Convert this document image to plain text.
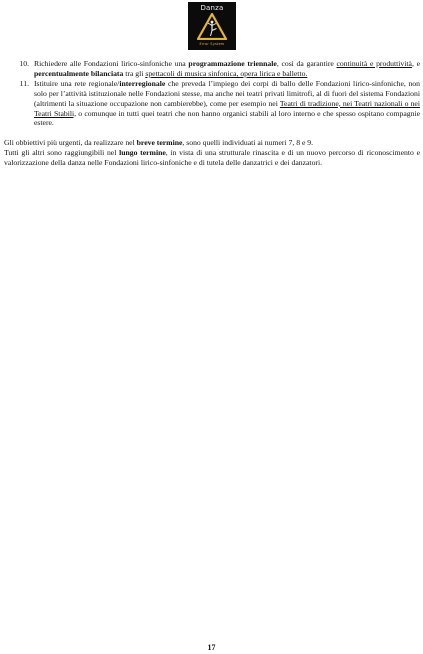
Danza
Error System
10. Richiedere alle Fondazioni lirico-sinfoniche una programmazione triennale, così da garantire continuità e produttività, e percentualmente bilanciata tra gli spettacoli di musica sinfonica, opera lirica e balletto.
11. Istituire una rete regionale/interregionale che preveda l’impiego dei corpi di ballo delle Fondazioni lirico-sinfoniche, non solo per l’attività istituzionale nelle Fondazioni stesse, ma anche nei teatri privati limitrofi, al di fuori del sistema Fondazioni (altrimenti la situazione occupazione non cambierebbe), come per esempio nei Teatri di tradizione, nei Teatri nazionali o nei Teatri Stabili, o comunque in tutti quei teatri che non hanno organici stabili al loro interno e che spesso ospitano compagnie estere.
Gli obbiettivi più urgenti, da realizzare nel breve termine, sono quelli individuati ai numeri 7, 8 e 9.
Tutti gli altri sono raggiungibili nel lungo termine, in vista di una strutturale rinascita e di un nuovo percorso di riconoscimento e valorizzazione della danza nelle Fondazioni lirico-sinfoniche e di tutela delle danzatrici e dei danzatori.
17
